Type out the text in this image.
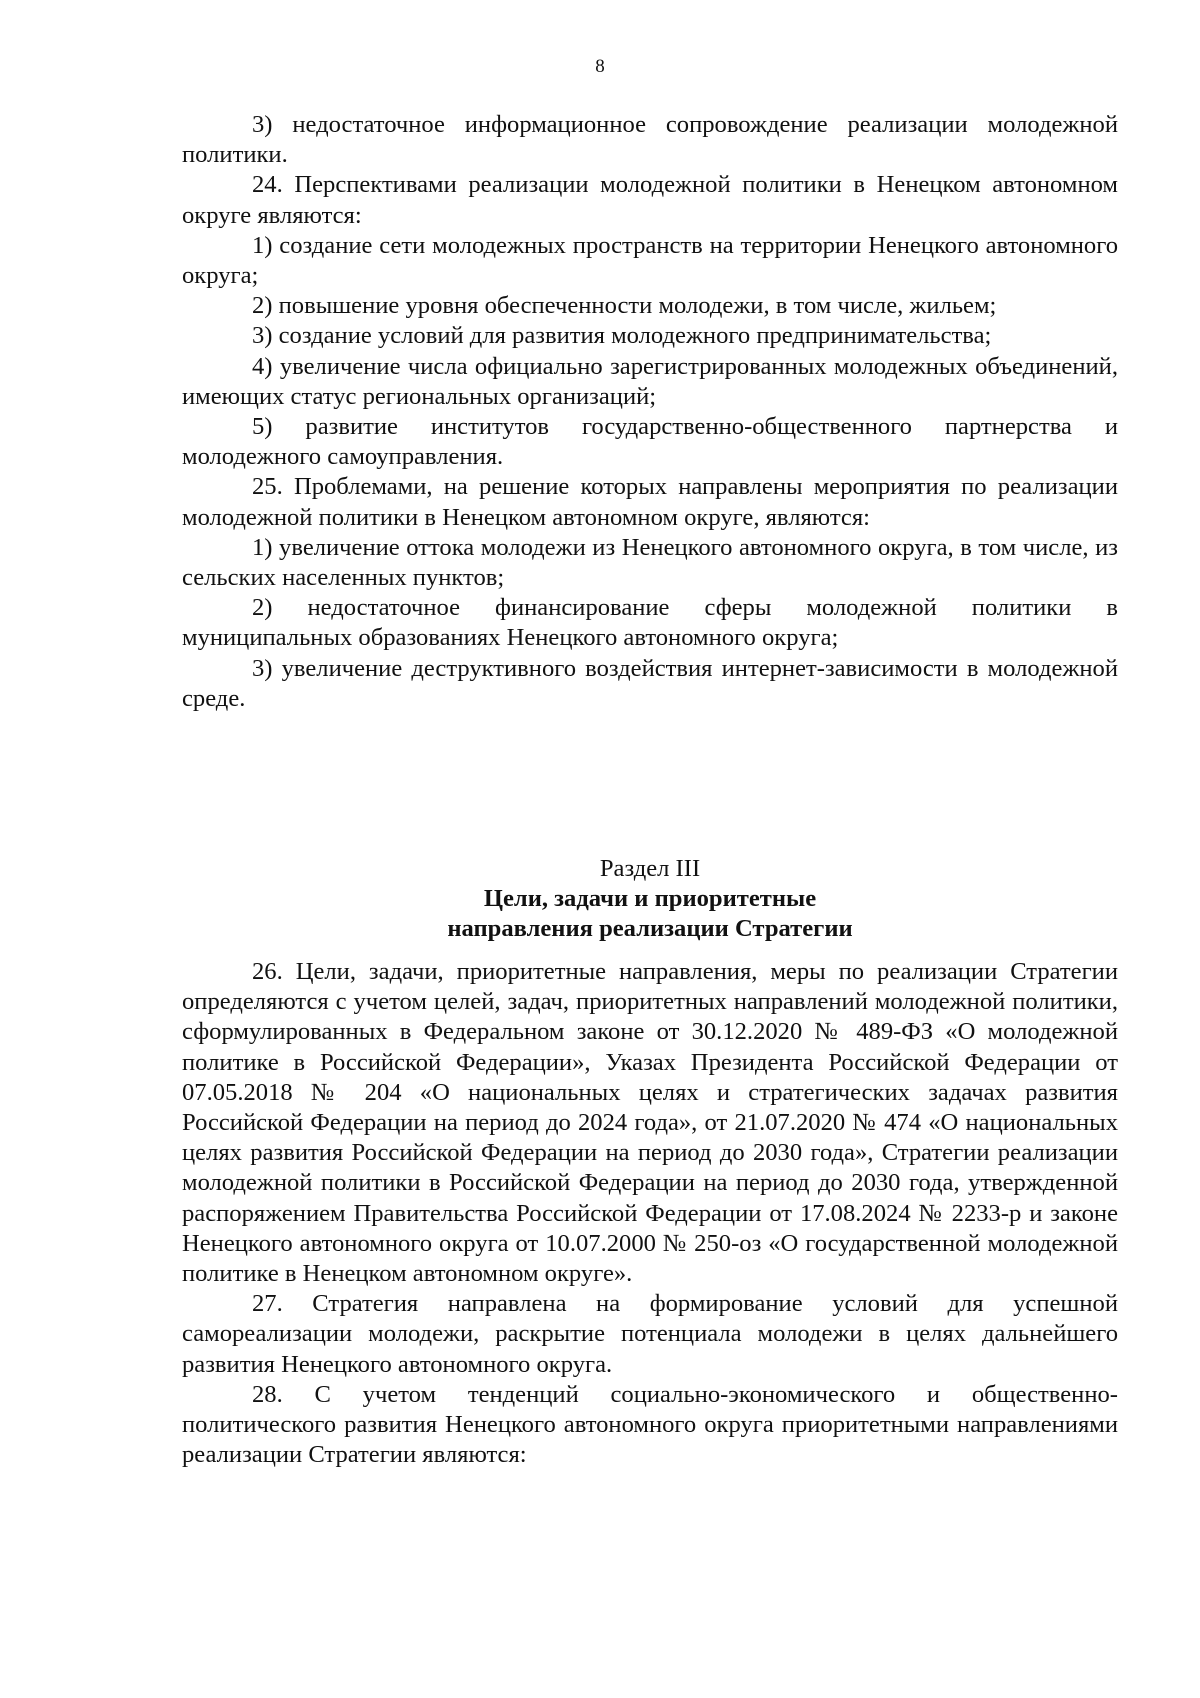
8

3) недостаточное информационное сопровождение реализации молодежной политики.

24. Перспективами реализации молодежной политики в Ненецком автономном округе являются:

1) создание сети молодежных пространств на территории Ненецкого автономного округа;

2) повышение уровня обеспеченности молодежи, в том числе, жильем;

3) создание условий для развития молодежного предпринимательства;

4) увеличение числа официально зарегистрированных молодежных объединений, имеющих статус региональных организаций;

5) развитие институтов государственно-общественного партнерства и молодежного самоуправления.

25. Проблемами, на решение которых направлены мероприятия по реализации молодежной политики в Ненецком автономном округе, являются:

1) увеличение оттока молодежи из Ненецкого автономного округа, в том числе, из сельских населенных пунктов;

2) недостаточное финансирование сферы молодежной политики в муниципальных образованиях Ненецкого автономного округа;

3) увеличение деструктивного воздействия интернет-зависимости в молодежной среде.

Раздел III
Цели, задачи и приоритетные
направления реализации Стратегии

26. Цели, задачи, приоритетные направления, меры по реализации Стратегии определяются с учетом целей, задач, приоритетных направлений молодежной политики, сформулированных в Федеральном законе от 30.12.2020 № 489-ФЗ «О молодежной политике в Российской Федерации», Указах Президента Российской Федерации от 07.05.2018 № 204 «О национальных целях и стратегических задачах развития Российской Федерации на период до 2024 года», от 21.07.2020 № 474 «О национальных целях развития Российской Федерации на период до 2030 года», Стратегии реализации молодежной политики в Российской Федерации на период до 2030 года, утвержденной распоряжением Правительства Российской Федерации от 17.08.2024 № 2233-р и законе Ненецкого автономного округа от 10.07.2000 № 250-оз «О государственной молодежной политике в Ненецком автономном округе».

27. Стратегия направлена на формирование условий для успешной самореализации молодежи, раскрытие потенциала молодежи в целях дальнейшего развития Ненецкого автономного округа.

28. С учетом тенденций социально-экономического и общественно-политического развития Ненецкого автономного округа приоритетными направлениями реализации Стратегии являются:
